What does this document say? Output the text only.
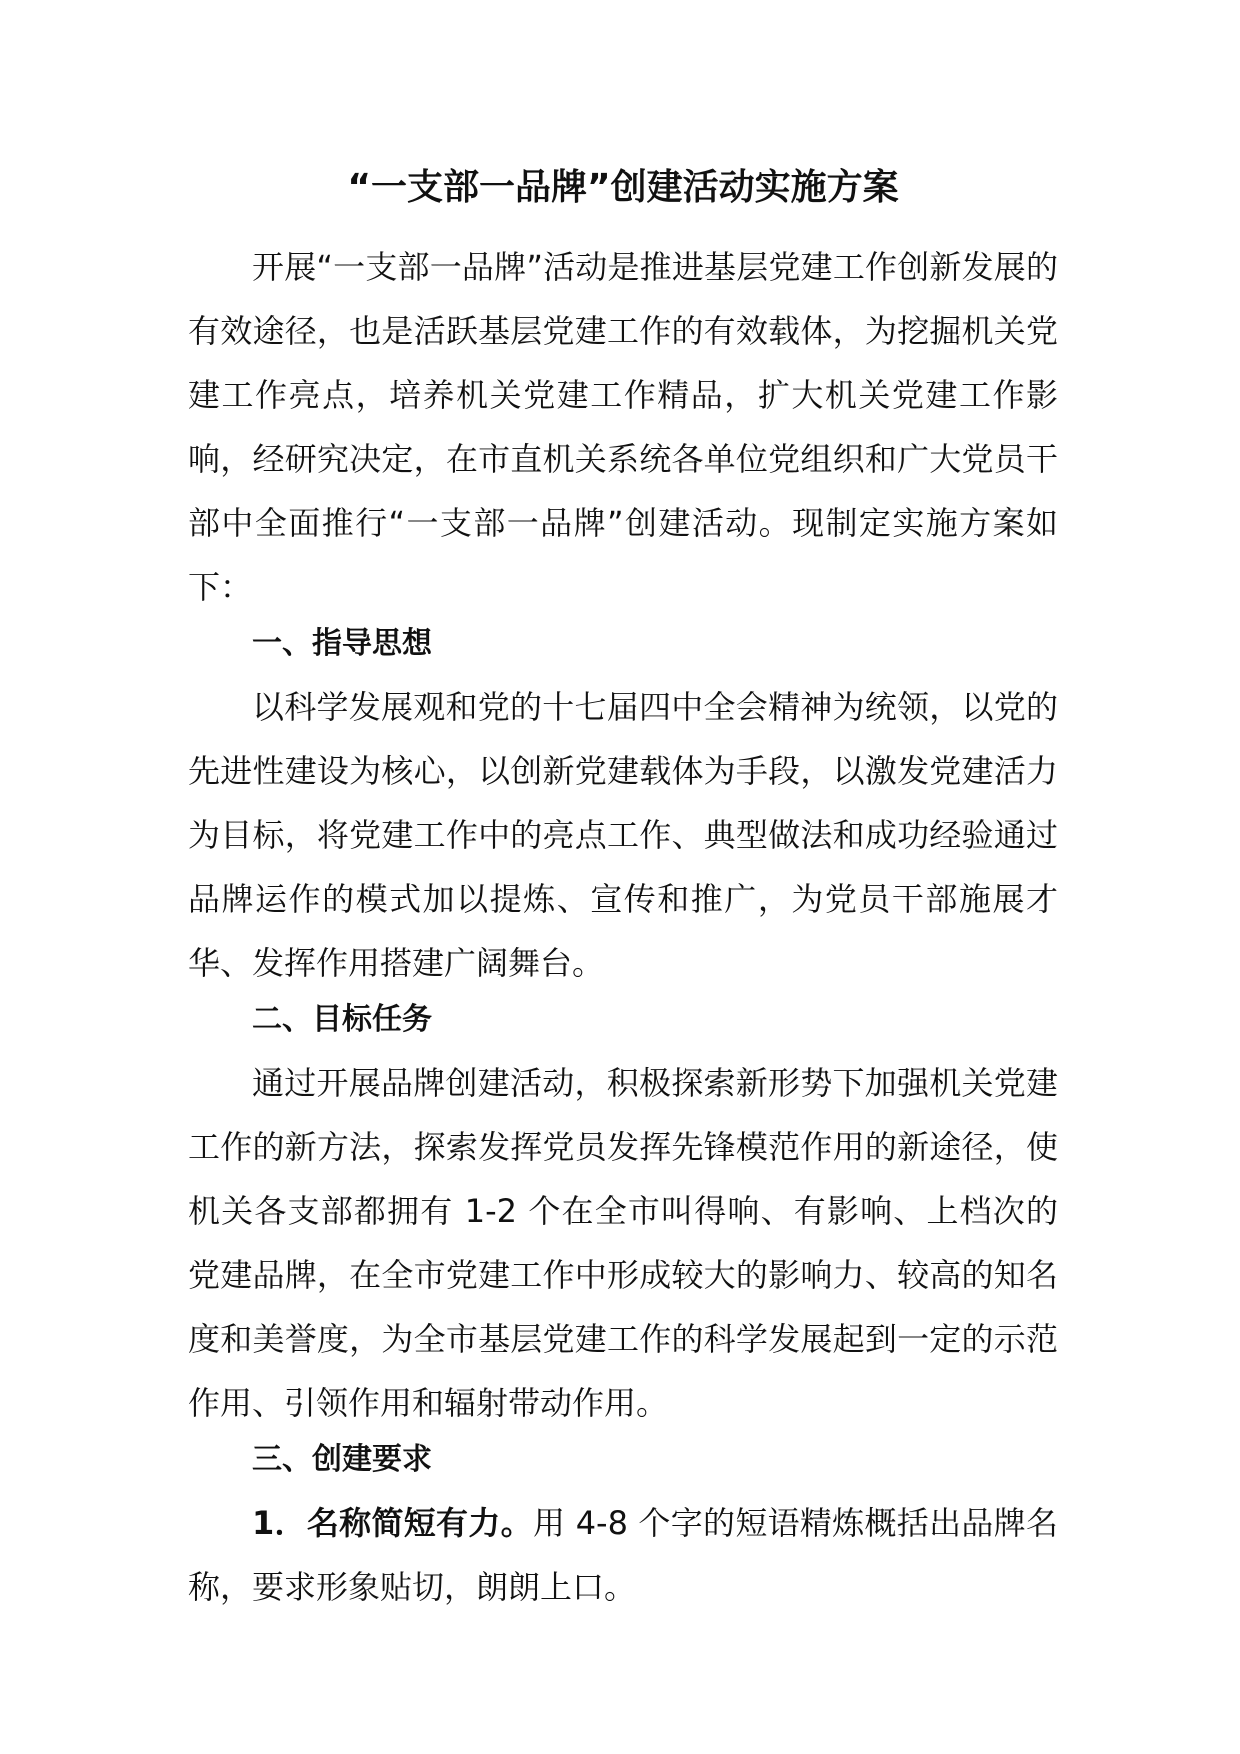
“一支部一品牌”创建活动实施方案

开展“一支部一品牌”活动是推进基层党建工作创新发展的有效途径，也是活跃基层党建工作的有效载体，为挖掘机关党建工作亮点，培养机关党建工作精品，扩大机关党建工作影响，经研究决定，在市直机关系统各单位党组织和广大党员干部中全面推行“一支部一品牌”创建活动。现制定实施方案如下：

一、指导思想

以科学发展观和党的十七届四中全会精神为统领，以党的先进性建设为核心，以创新党建载体为手段，以激发党建活力为目标，将党建工作中的亮点工作、典型做法和成功经验通过品牌运作的模式加以提炼、宣传和推广，为党员干部施展才华、发挥作用搭建广阔舞台。

二、目标任务

通过开展品牌创建活动，积极探索新形势下加强机关党建工作的新方法，探索发挥党员发挥先锋模范作用的新途径，使机关各支部都拥有 1-2 个在全市叫得响、有影响、上档次的党建品牌，在全市党建工作中形成较大的影响力、较高的知名度和美誉度，为全市基层党建工作的科学发展起到一定的示范作用、引领作用和辐射带动作用。

三、创建要求

1．名称简短有力。用 4-8 个字的短语精炼概括出品牌名称，要求形象贴切，朗朗上口。
